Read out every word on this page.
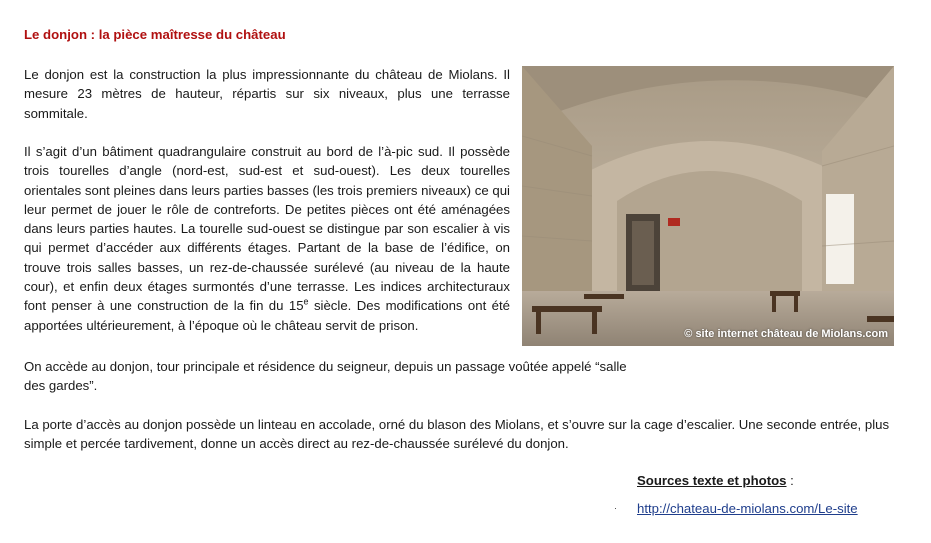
Le donjon : la pièce maîtresse du château

Le donjon est la construction la plus impressionnante du château de Miolans. Il mesure 23 mètres de hauteur, répartis sur six niveaux, plus une terrasse sommitale.

Il s’agit d’un bâtiment quadrangulaire construit au bord de l’à-pic sud. Il possède trois tourelles d’angle (nord-est, sud-est et sud-ouest). Les deux tourelles orientales sont pleines dans leurs parties basses (les trois premiers niveaux) ce qui leur permet de jouer le rôle de contreforts. De petites pièces ont été aménagées dans leurs parties hautes. La tourelle sud-ouest se distingue par son escalier à vis qui permet d’accéder aux différents étages. Partant de la base de l’édifice, on trouve trois salles basses, un rez-de-chaussée surélevé (au niveau de la haute cour), et enfin deux étages surmontés d’une terrasse. Les indices architecturaux font penser à une construction de la fin du 15e siècle. Des modifications ont été apportées ultérieurement, à l’époque où le château servit de prison.

On accède au donjon, tour principale et résidence du seigneur, depuis un passage voûtée appelé “salle des gardes”.

La porte d’accès au donjon possède un linteau en accolade, orné du blason des Miolans, et s’ouvre sur la cage d’escalier. Une seconde entrée, plus simple et percée tardivement, donne un accès direct au rez-de-chaussée surélevé du donjon.

© site internet château de Miolans.com
Sources texte et photos :
· http://chateau-de-miolans.com/Le-site
